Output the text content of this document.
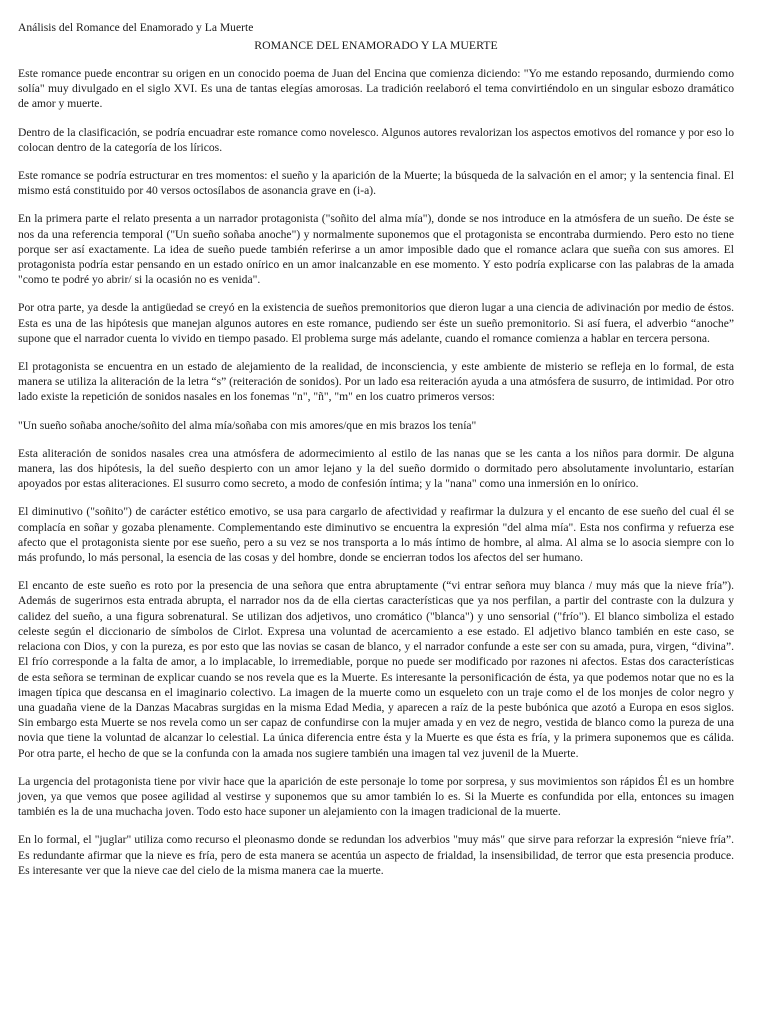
Análisis del Romance del Enamorado y La Muerte

ROMANCE DEL ENAMORADO Y LA MUERTE

Este romance puede encontrar su origen en un conocido poema de Juan del Encina que comienza diciendo: "Yo me estando reposando, durmiendo como solía" muy divulgado en el siglo XVI. Es una de tantas elegías amorosas. La tradición reelaboró el tema convirtiéndolo en un singular esbozo dramático de amor y muerte.

Dentro de la clasificación, se podría encuadrar este romance como novelesco. Algunos autores revalorizan los aspectos emotivos del romance y por eso lo colocan dentro de la categoría de los líricos.

Este romance se podría estructurar en tres momentos: el sueño y la aparición de la Muerte; la búsqueda de la salvación en el amor; y la sentencia final. El mismo está constituido por 40 versos octosílabos de asonancia grave en (i-a).

En la primera parte el relato presenta a un narrador protagonista ("soñito del alma mía"), donde se nos introduce en la atmósfera de un sueño. De éste se nos da una referencia temporal ("Un sueño soñaba anoche") y normalmente suponemos que el protagonista se encontraba durmiendo. Pero esto no tiene porque ser así exactamente. La idea de sueño puede también referirse a un amor imposible dado que el romance aclara que sueña con sus amores. El protagonista podría estar pensando en un estado onírico en un amor inalcanzable en ese momento. Y esto podría explicarse con las palabras de la amada "como te podré yo abrir/ si la ocasión no es venida".

Por otra parte, ya desde la antigüedad se creyó en la existencia de sueños premonitorios que dieron lugar a una ciencia de adivinación por medio de éstos. Esta es una de las hipótesis que manejan algunos autores en este romance, pudiendo ser éste un sueño premonitorio. Si así fuera, el adverbio “anoche” supone que el narrador cuenta lo vivido en tiempo pasado. El problema surge más adelante, cuando el romance comienza a hablar en tercera persona.

El protagonista se encuentra en un estado de alejamiento de la realidad, de inconsciencia, y este ambiente de misterio se refleja en lo formal, de esta manera se utiliza la aliteración de la letra “s” (reiteración de sonidos). Por un lado esa reiteración ayuda a una atmósfera de susurro, de intimidad. Por otro lado existe la repetición de sonidos nasales en los fonemas "n", "ñ", "m" en los cuatro primeros versos:

"Un sueño soñaba anoche/soñito del alma mía/soñaba con mis amores/que en mis brazos los tenía"

Esta aliteración de sonidos nasales crea una atmósfera de adormecimiento al estilo de las nanas que se les canta a los niños para dormir. De alguna manera, las dos hipótesis, la del sueño despierto con un amor lejano y la del sueño dormido o dormitado pero absolutamente involuntario, estarían apoyados por estas aliteraciones. El susurro como secreto, a modo de confesión íntima; y la "nana" como una inmersión en lo onírico.

El diminutivo ("soñito") de carácter estético emotivo, se usa para cargarlo de afectividad y reafirmar la dulzura y el encanto de ese sueño del cual él se complacía en soñar y gozaba plenamente. Complementando este diminutivo se encuentra la expresión "del alma mía". Esta nos confirma y refuerza ese afecto que el protagonista siente por ese sueño, pero a su vez se nos transporta a lo más íntimo de hombre, al alma. Al alma se lo asocia siempre con lo más profundo, lo más personal, la esencia de las cosas y del hombre, donde se encierran todos los afectos del ser humano.

El encanto de este sueño es roto por la presencia de una señora que entra abruptamente (“vi entrar señora muy blanca / muy más que la nieve fría”). Además de sugerirnos esta entrada abrupta, el narrador nos da de ella ciertas características que ya nos perfilan, a partir del contraste con la dulzura y calidez del sueño, a una figura sobrenatural. Se utilizan dos adjetivos, uno cromático ("blanca") y uno sensorial ("frío"). El blanco simboliza el estado celeste según el diccionario de símbolos de Cirlot. Expresa una voluntad de acercamiento a ese estado. El adjetivo blanco también en este caso, se relaciona con Dios, y con la pureza, es por esto que las novias se casan de blanco, y el narrador confunde a este ser con su amada, pura, virgen, “divina”. El frío corresponde a la falta de amor, a lo implacable, lo irremediable, porque no puede ser modificado por razones ni afectos. Estas dos características de esta señora se terminan de explicar cuando se nos revela que es la Muerte. Es interesante la personificación de ésta, ya que podemos notar que no es la imagen típica que descansa en el imaginario colectivo. La imagen de la muerte como un esqueleto con un traje como el de los monjes de color negro y una guadaña viene de la Danzas Macabras surgidas en la misma Edad Media, y aparecen a raíz de la peste bubónica que azotó a Europa en esos siglos. Sin embargo esta Muerte se nos revela como un ser capaz de confundirse con la mujer amada y en vez de negro, vestida de blanco como la pureza de una novia que tiene la voluntad de alcanzar lo celestial. La única diferencia entre ésta y la Muerte es que ésta es fría, y la primera suponemos que es cálida. Por otra parte, el hecho de que se la confunda con la amada nos sugiere también una imagen tal vez juvenil de la Muerte.

La urgencia del protagonista tiene por vivir hace que la aparición de este personaje lo tome por sorpresa, y sus movimientos son rápidos Él es un hombre joven, ya que vemos que posee agilidad al vestirse y suponemos que su amor también lo es. Si la Muerte es confundida por ella, entonces su imagen también es la de una muchacha joven. Todo esto hace suponer un alejamiento con la imagen tradicional de la muerte.

En lo formal, el "juglar" utiliza como recurso el pleonasmo donde se redundan los adverbios "muy más" que sirve para reforzar la expresión “nieve fría”. Es redundante afirmar que la nieve es fría, pero de esta manera se acentúa un aspecto de frialdad, la insensibilidad, de terror que esta presencia produce. Es interesante ver que la nieve cae del cielo de la misma manera cae la muerte.
